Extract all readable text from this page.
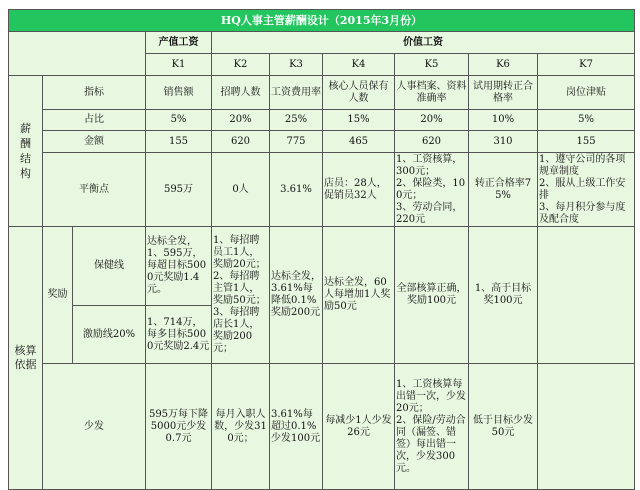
HQ人事主管薪酬设计（2015年3月份）									
			产值工资	价值工资					
			K1	K2	K3	K4	K5	K6	K7
薪酬结构	指标		销售额	招聘人数	工资费用率	核心人员保有人数	人事档案、资料准确率	试用期转正合格率	岗位津贴
	占比		5%	20%	25%	15%	20%	10%	5%
	金额		155	620	775	465	620	310	155
	平衡点		595万	0人	3.61%	店员：28人，促销员32人	1、工资核算，300元；
2、保险类，100元；
3、劳动合同，220元	转正合格率75%	1、遵守公司的各项规章制度
2、服从上级工作安排
3、每月积分参与度及配合度
核算依据	奖励	保健线	达标全发，1、595万，每超目标5000元奖励1.4元。	1、每招聘员工1人，奖励20元；
2、每招聘主管1人，奖励50元；
3、每招聘店长1人，奖励200元；	达标全发，3.61%每降低0.1%奖励200元	达标全发，60人每增加1人奖励50元	全部核算正确，奖励100元	1、高于目标奖100元	
		激励线20%	1、714万，每多目标5000元奖励2.4元						
	少发		595万每下降5000元少发0.7元	每月入职人数，少发310元；	3.61%每超过0.1%少发100元	每减少1人少发26元	1、工资核算每出错一次，少发20元；
2、保险/劳动合同（漏签、错签）每出错一次，少发300元。	低于目标少发50元	
